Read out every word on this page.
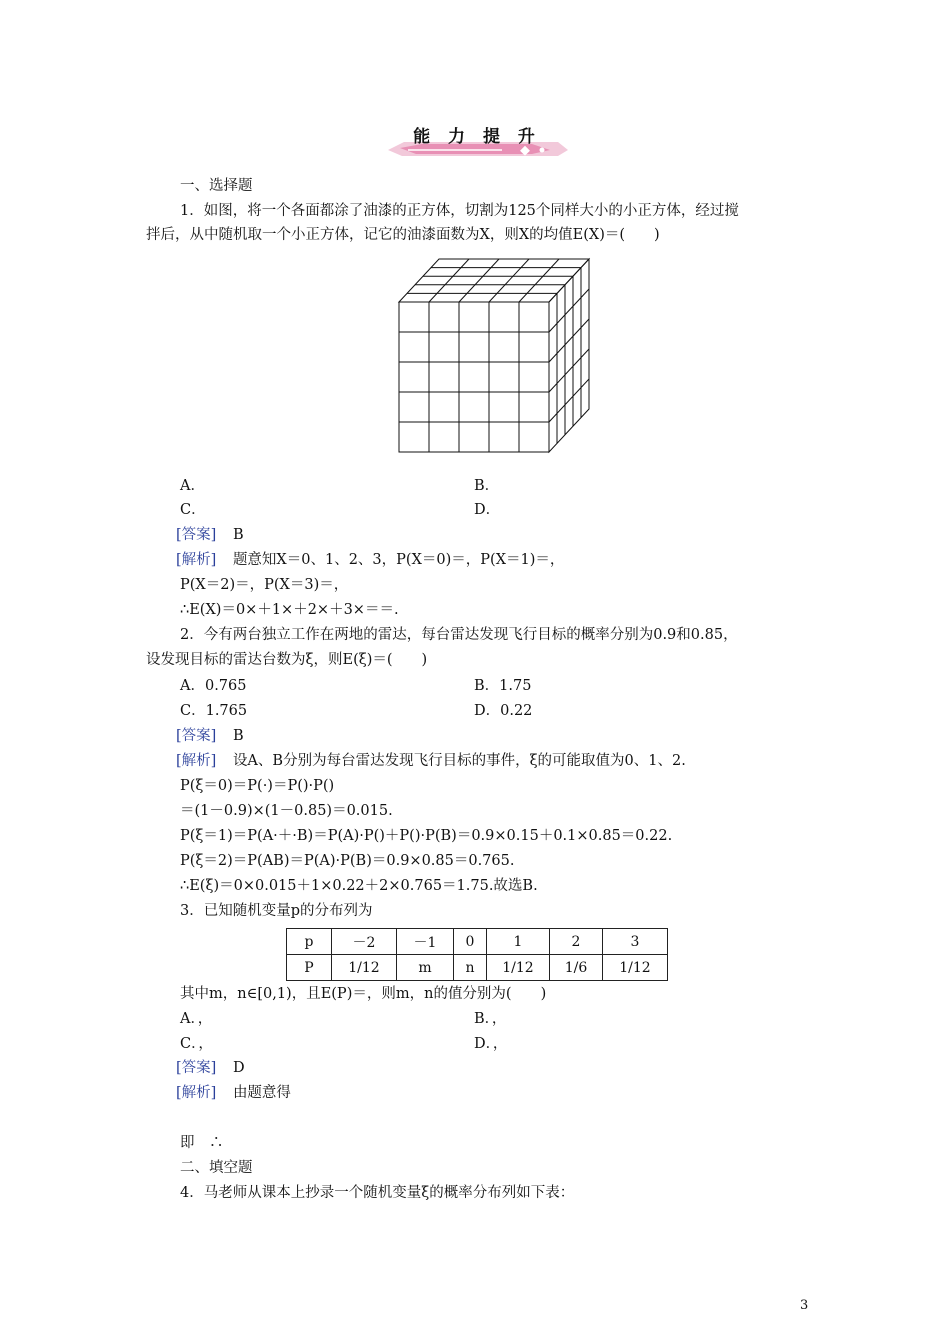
能 力 提 升
一、选择题
1．如图，将一个各面都涂了油漆的正方体，切割为125个同样大小的小正方体，经过搅
拌后，从中随机取一个小正方体，记它的油漆面数为X，则X的均值E(X)＝(　　)
A．	B．
C．	D．
[答案] B
[解析] 题意知X＝0、1、2、3，P(X＝0)＝，P(X＝1)＝，
P(X＝2)＝，P(X＝3)＝，
∴E(X)＝0×＋1×＋2×＋3×＝＝.
2．今有两台独立工作在两地的雷达，每台雷达发现飞行目标的概率分别为0.9和0.85，
设发现目标的雷达台数为ξ，则E(ξ)＝(　　)
A．0.765	B．1.75
C．1.765	D．0.22
[答案] B
[解析] 设A、B分别为每台雷达发现飞行目标的事件，ξ的可能取值为0、1、2.
P(ξ＝0)＝P(·)＝P()·P()
＝(1－0.9)×(1－0.85)＝0.015.
P(ξ＝1)＝P(A·＋·B)＝P(A)·P()＋P()·P(B)＝0.9×0.15＋0.1×0.85＝0.22.
P(ξ＝2)＝P(AB)＝P(A)·P(B)＝0.9×0.85＝0.765.
∴E(ξ)＝0×0.015＋1×0.22＋2×0.765＝1.75.故选B.
3．已知随机变量p的分布列为
p	－2	－1	0	1	2	3
P	1/12	m	n	1/12	1/6	1/12
其中m，n∈[0,1)，且E(P)＝，则m，n的值分别为(　　)
A．，	B．，
C．，	D．，
[答案] D
[解析] 由题意得
即　∴
二、填空题
4．马老师从课本上抄录一个随机变量ξ的概率分布列如下表：
3
